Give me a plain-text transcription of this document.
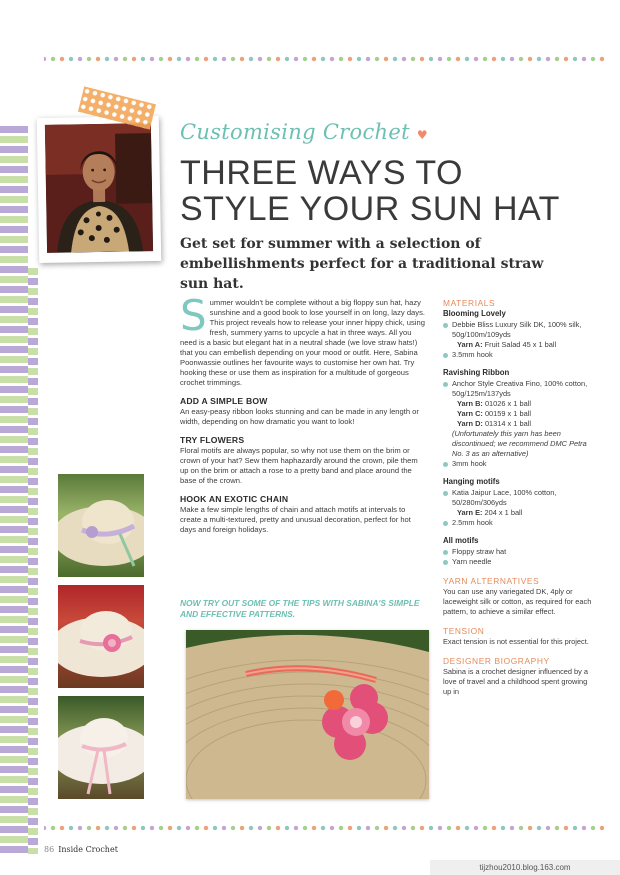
Customising Crochet ♥
THREE WAYS TO
STYLE YOUR SUN HAT
Get set for summer with a selection of embellishments perfect for a traditional straw sun hat.
S ummer wouldn't be complete without a big floppy sun hat, hazy sunshine and a good book to lose yourself in on long, lazy days. This project reveals how to release your inner hippy chick, using fresh, summery yarns to upcycle a hat in three ways. All you need is a basic but elegant hat in a neutral shade (we love straw hats!) that you can embellish depending on your mood or outfit. Here, Sabina Poonwassie outlines her favourite ways to customise her own hat. Try hooking these or use them as inspiration for a multitude of gorgeous crochet trimmings.

ADD A SIMPLE BOW

An easy-peasy ribbon looks stunning and can be made in any length or width, depending on how dramatic you want to look!

TRY FLOWERS

Floral motifs are always popular, so why not use them on the brim or crown of your hat? Sew them haphazardly around the crown, pile them up on the brim or attach a rose to a pretty band and place around the base of the crown.

HOOK AN EXOTIC CHAIN

Make a few simple lengths of chain and attach motifs at intervals to create a multi-textured, pretty and unusual decoration, perfect for hot days and foreign holidays.

NOW TRY OUT SOME OF THE TIPS WITH SABINA'S SIMPLE AND EFFECTIVE PATTERNS.
MATERIALS
Blooming Lovely
Debbie Bliss Luxury Silk DK, 100% silk, 50g/100m/109yds
Yarn A: Fruit Salad 45 x 1 ball
3.5mm hook
Ravishing Ribbon
Anchor Style Creativa Fino, 100% cotton, 50g/125m/137yds
Yarn B: 01026 x 1 ball
Yarn C: 00159 x 1 ball
Yarn D: 01314 x 1 ball
(Unfortunately this yarn has been discontinued; we recommend DMC Petra No. 3 as an alternative)
3mm hook
Hanging motifs
Katia Jaipur Lace, 100% cotton, 50/280m/306yds
Yarn E: 204 x 1 ball
2.5mm hook
All motifs
Floppy straw hat
Yarn needle
YARN ALTERNATIVES
You can use any variegated DK, 4ply or laceweight silk or cotton, as required for each pattern, to achieve a similar effect.
TENSION
Exact tension is not essential for this project.
DESIGNER BIOGRAPHY
Sabina is a crochet designer influenced by a love of travel and a childhood spent growing up in
86 Inside Crochet
tijzhou2010.blog.163.com
